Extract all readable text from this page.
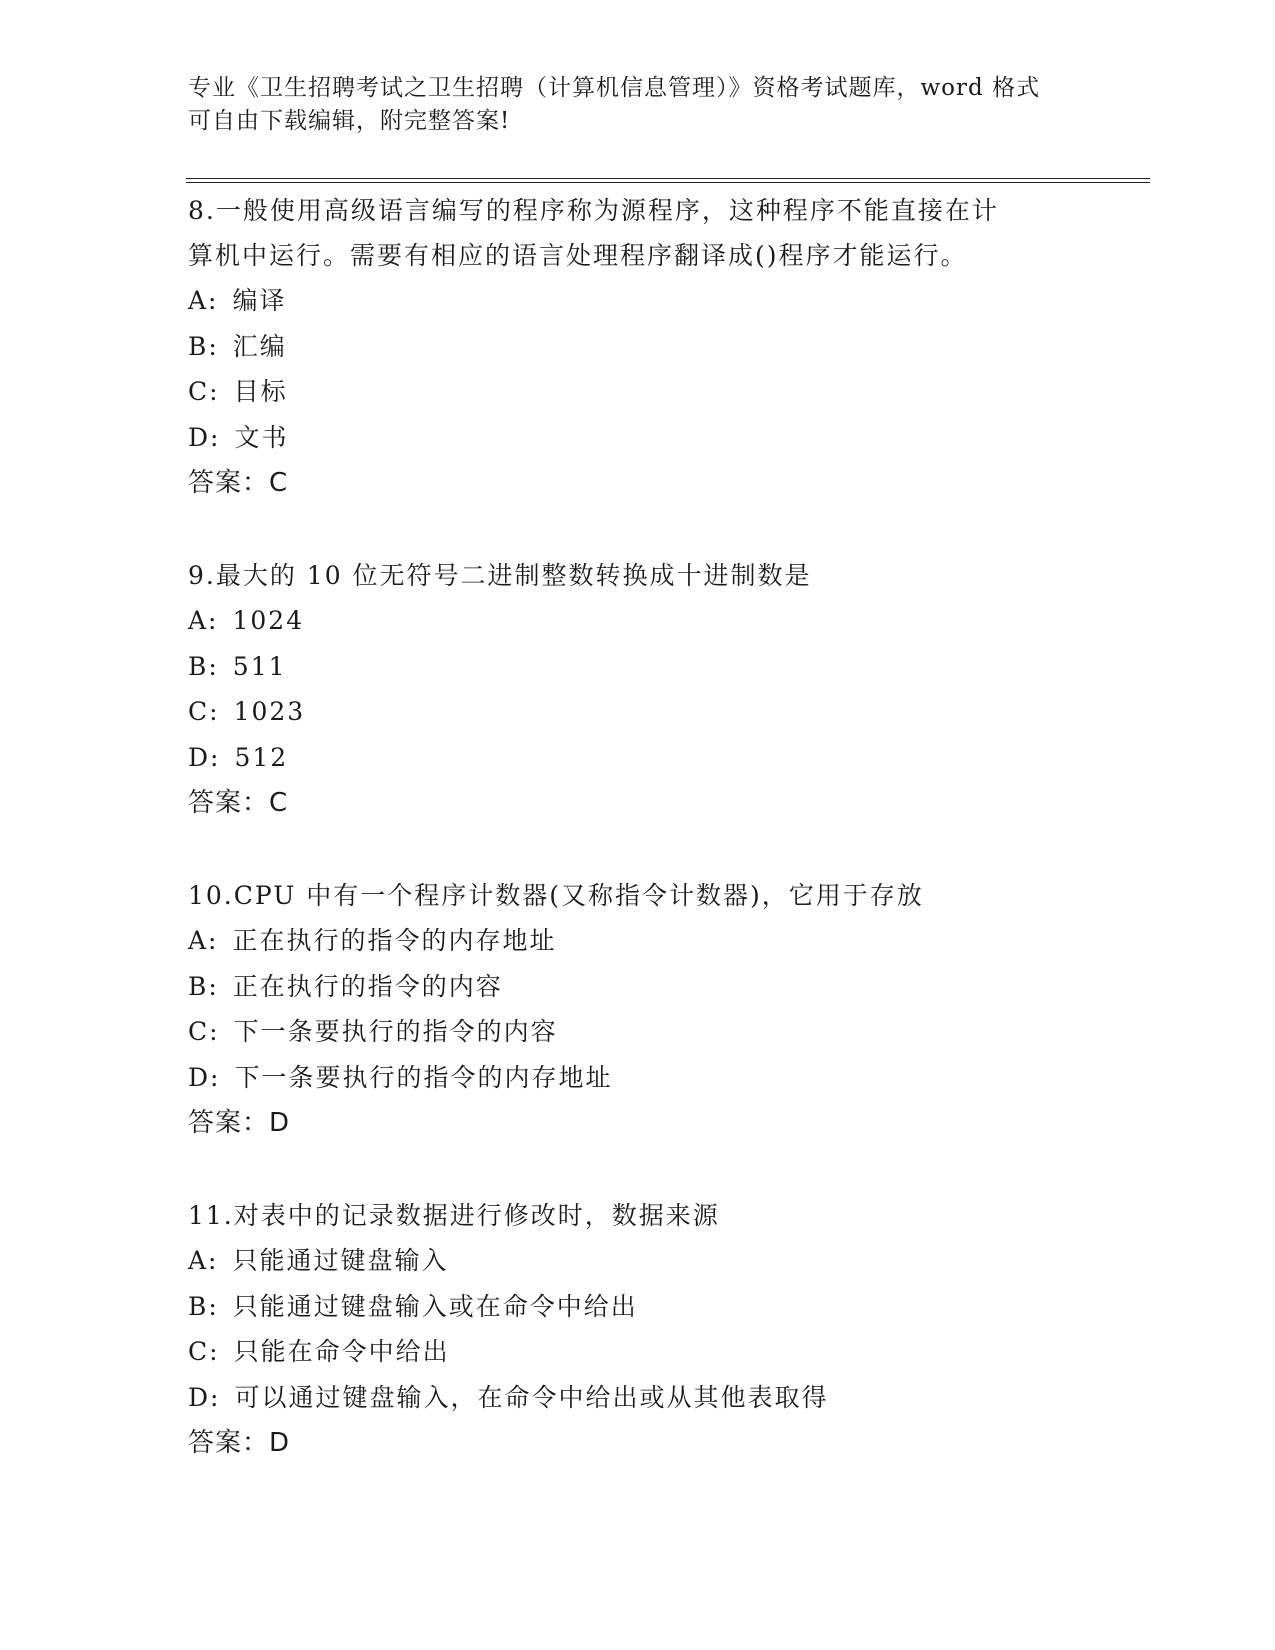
专业《卫生招聘考试之卫生招聘（计算机信息管理）》资格考试题库，word 格式
可自由下载编辑，附完整答案!
8.一般使用高级语言编写的程序称为源程序，这种程序不能直接在计
算机中运行。需要有相应的语言处理程序翻译成()程序才能运行。
A: 编译
B: 汇编
C: 目标
D: 文书
答案：C
9.最大的 10 位无符号二进制整数转换成十进制数是
A: 1024
B: 511
C: 1023
D: 512
答案：C
10.CPU 中有一个程序计数器(又称指令计数器)，它用于存放
A: 正在执行的指令的内存地址
B: 正在执行的指令的内容
C: 下一条要执行的指令的内容
D: 下一条要执行的指令的内存地址
答案：D
11.对表中的记录数据进行修改时，数据来源
A: 只能通过键盘输入
B: 只能通过键盘输入或在命令中给出
C: 只能在命令中给出
D: 可以通过键盘输入，在命令中给出或从其他表取得
答案：D
